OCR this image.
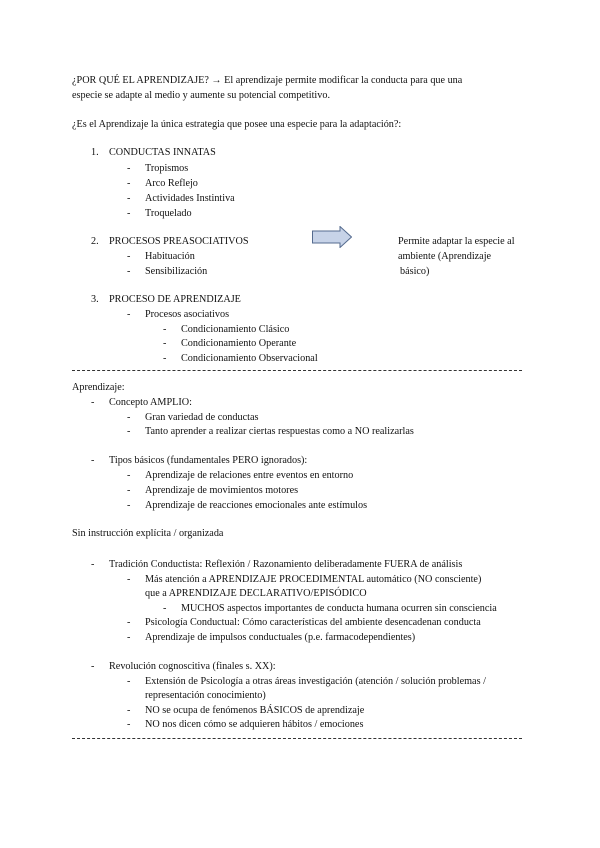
¿POR QUÉ EL APRENDIZAJE? → El aprendizaje permite modificar la conducta para que una
especie se adapte al medio y aumente su potencial competitivo.
¿Es el Aprendizaje la única estrategia que posee una especie para la adaptación?:
1. CONDUCTAS INNATAS
- Tropismos
- Arco Reflejo
- Actividades Instintiva
- Troquelado
2. PROCESOS PREASOCIATIVOS	Permite adaptar la especie al
ambiente (Aprendizaje
básico)
- Habituación
- Sensibilización
3. PROCESO DE APRENDIZAJE
- Procesos asociativos
- Condicionamiento Clásico
- Condicionamiento Operante
- Condicionamiento Observacional
Aprendizaje:
- Concepto AMPLIO:
- Gran variedad de conductas
- Tanto aprender a realizar ciertas respuestas como a NO realizarlas
- Tipos básicos (fundamentales PERO ignorados):
- Aprendizaje de relaciones entre eventos en entorno
- Aprendizaje de movimientos motores
- Aprendizaje de reacciones emocionales ante estímulos
Sin instrucción explícita / organizada
- Tradición Conductista: Reflexión / Razonamiento deliberadamente FUERA de análisis
- Más atención a APRENDIZAJE PROCEDIMENTAL automático (NO consciente)
que a APRENDIZAJE DECLARATIVO/EPISÓDICO
- MUCHOS aspectos importantes de conducta humana ocurren sin consciencia
- Psicología Conductual: Cómo características del ambiente desencadenan conducta
- Aprendizaje de impulsos conductuales (p.e. farmacodependientes)
- Revolución cognoscitiva (finales s. XX):
- Extensión de Psicología a otras áreas investigación (atención / solución problemas /
representación conocimiento)
- NO se ocupa de fenómenos BÁSICOS de aprendizaje
- NO nos dicen cómo se adquieren hábitos / emociones
